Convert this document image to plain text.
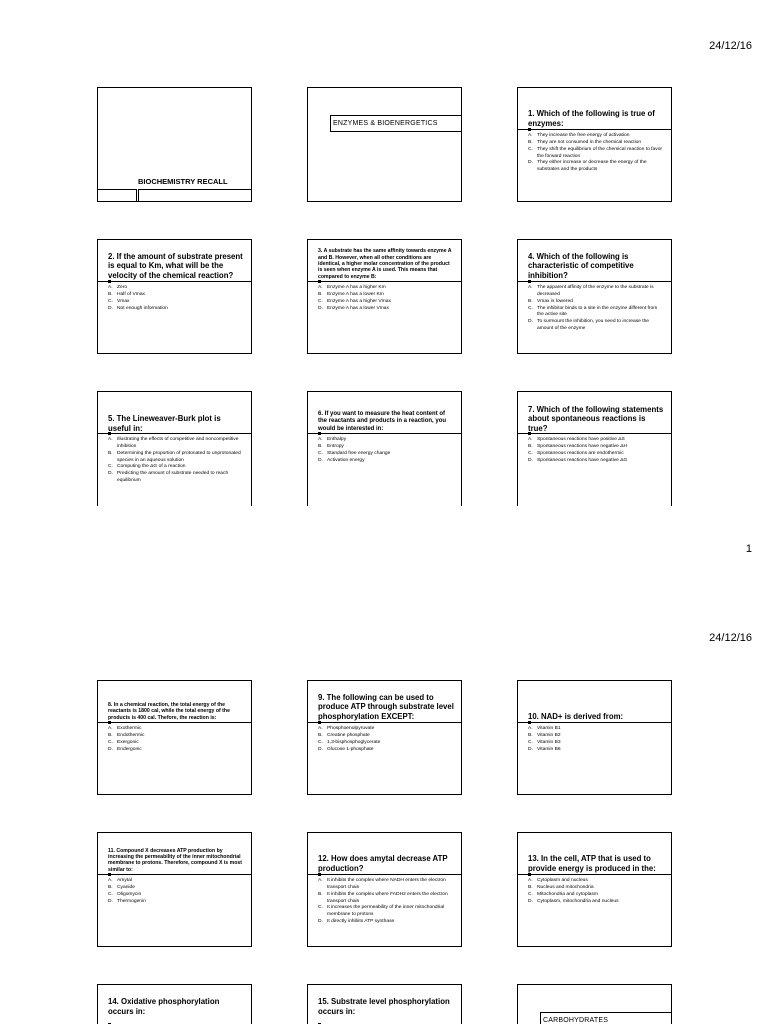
24/12/16
BIOCHEMISTRY RECALL
ENZYMES & BIOENERGETICS
1. Which of the following is true of enzymes:
A. They increase the free energy of activation
B. They are not consumed in the chemical reaction
C. They shift the equilibrium of the chemical reaction to favor the forward reaction
D. They either increase or decrease the energy of the substrates and the products
2. If the amount of substrate present is equal to Km, what will be the velocity of the chemical reaction?
A. Zero
B. Half of Vmax
C. Vmax
D. Not enough information
3. A substrate has the same affinity towards enzyme A and B. However, when all other conditions are identical, a higher molar concentration of the product is seen when enzyme A is used. This means that compared to enzyme B:
A. Enzyme A has a higher Km
B. Enzyme A has a lower Km
C. Enzyme A has a higher Vmax
D. Enzyme A has a lower Vmax
4. Which of the following is characteristic of competitive inhibition?
A. The apparent affinity of the enzyme to the substrate is decreased
B. Vmax is lowered
C. The inhibitor binds to a site in the enzyme different from the active site
D. To surmount the inhibition, you need to increase the amount of the enzyme
5. The Lineweaver-Burk plot is useful in:
A. Illustrating the effects of competitive and noncompetitive inhibition
B. Determining the proportion of protonated to unprotonated species in an aqueous solution
C. Computing the ΔG of a reaction
D. Predicting the amount of substrate needed to reach equilibrium
6. If you want to measure the heat content of the reactants and products in a reaction, you would be interested in:
A. Enthalpy
B. Entropy
C. Standard free energy change
D. Activation energy
7. Which of the following statements about spontaneous reactions is true?
A. Spontaneous reactions have positive ΔS
B. Spontaneous reactions have negative ΔH
C. Spontaneous reactions are endothermic
D. Spontaneous reactions have negative ΔG
1
24/12/16
8. In a chemical reaction, the total energy of the reactants is 1800 cal, while the total energy of the products is 400 cal. Thefore, the reaction is:
A. Exothermic
B. Endothermic
C. Exergonic
D. Endergonic
9. The following can be used to produce ATP through substrate level phosphorylation EXCEPT:
A. Phosphoenolpyruvate
B. Creatine phosphate
C. 1,3-bisphosphoglycerate
D. Glucose 1-phosphate
10. NAD+ is derived from:
A. Vitamin B1
B. Vitamin B2
C. Vitamin B3
D. Vitamin B6
11. Compound X decreases ATP production by increasing the permeability of the inner mitochondrial membrane to protons. Therefore, compound X is most similar to:
A. Amytal
B. Cyanide
C. Oligomycin
D. Thermogenin
12. How does amytal decrease ATP production?
A. It inhibits the complex where NADH enters the electron transport chain
B. It inhibits the complex where FADH2 enters the electron transport chain
C. It increases the permeability of the inner mitochondrial membrane to protons
D. It directly inhibits ATP synthase
13. In the cell, ATP that is used to provide energy is produced in the:
A. Cytoplasm and nucleus
B. Nucleus and mitochondria
C. Mitochondria and cytoplasm
D. Cytoplasm, mitochondria and nucleus
14. Oxidative phosphorylation occurs in:
15. Substrate level phosphorylation occurs in:
CARBOHYDRATES
